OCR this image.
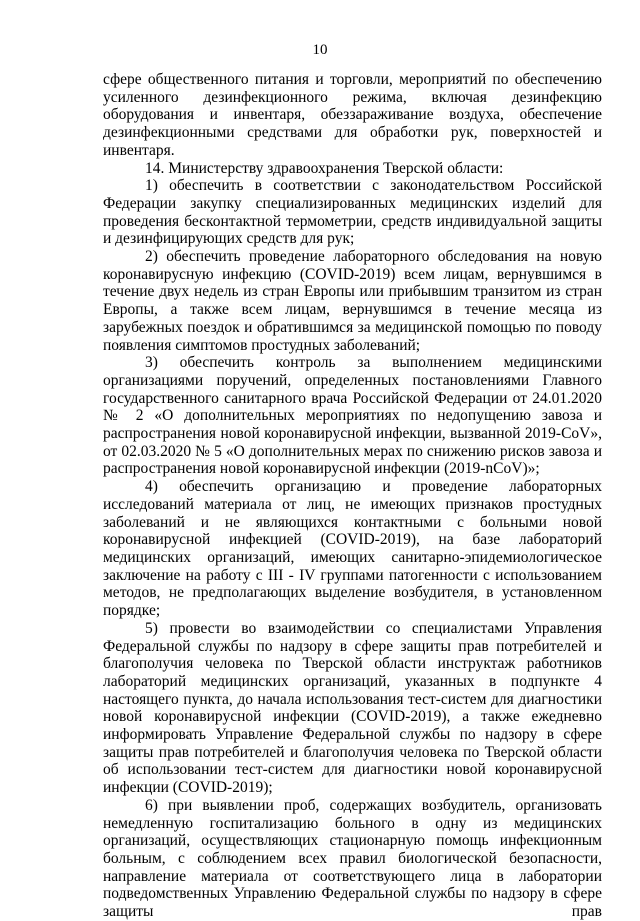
10

сфере общественного питания и торговли, мероприятий по обеспечению усиленного дезинфекционного режима, включая дезинфекцию оборудования и инвентаря, обеззараживание воздуха, обеспечение дезинфекционными средствами для обработки рук, поверхностей и инвентаря.

14. Министерству здравоохранения Тверской области:

1) обеспечить в соответствии с законодательством Российской Федерации закупку специализированных медицинских изделий для проведения бесконтактной термометрии, средств индивидуальной защиты и дезинфицирующих средств для рук;

2) обеспечить проведение лабораторного обследования на новую коронавирусную инфекцию (COVID-2019) всем лицам, вернувшимся в течение двух недель из стран Европы или прибывшим транзитом из стран Европы, а также всем лицам, вернувшимся в течение месяца из зарубежных поездок и обратившимся за медицинской помощью по поводу появления симптомов простудных заболеваний;

3) обеспечить контроль за выполнением медицинскими организациями поручений, определенных постановлениями Главного государственного санитарного врача Российской Федерации от 24.01.2020 № 2 «О дополнительных мероприятиях по недопущению завоза и распространения новой коронавирусной инфекции, вызванной 2019-CoV», от 02.03.2020 № 5 «О дополнительных мерах по снижению рисков завоза и распространения новой коронавирусной инфекции (2019-nCoV)»;

4) обеспечить организацию и проведение лабораторных исследований материала от лиц, не имеющих признаков простудных заболеваний и не являющихся контактными с больными новой коронавирусной инфекцией (COVID-2019), на базе лабораторий медицинских организаций, имеющих санитарно-эпидемиологическое заключение на работу с III - IV группами патогенности с использованием методов, не предполагающих выделение возбудителя, в установленном порядке;

5) провести во взаимодействии со специалистами Управления Федеральной службы по надзору в сфере защиты прав потребителей и благополучия человека по Тверской области инструктаж работников лабораторий медицинских организаций, указанных в подпункте 4 настоящего пункта, до начала использования тест-систем для диагностики новой коронавирусной инфекции (COVID-2019), а также ежедневно информировать Управление Федеральной службы по надзору в сфере защиты прав потребителей и благополучия человека по Тверской области об использовании тест-систем для диагностики новой коронавирусной инфекции (COVID-2019);

6) при выявлении проб, содержащих возбудитель, организовать немедленную госпитализацию больного в одну из медицинских организаций, осуществляющих стационарную помощь инфекционным больным, с соблюдением всех правил биологической безопасности, направление материала от соответствующего лица в лаборатории подведомственных Управлению Федеральной службы по надзору в сфере защиты прав
